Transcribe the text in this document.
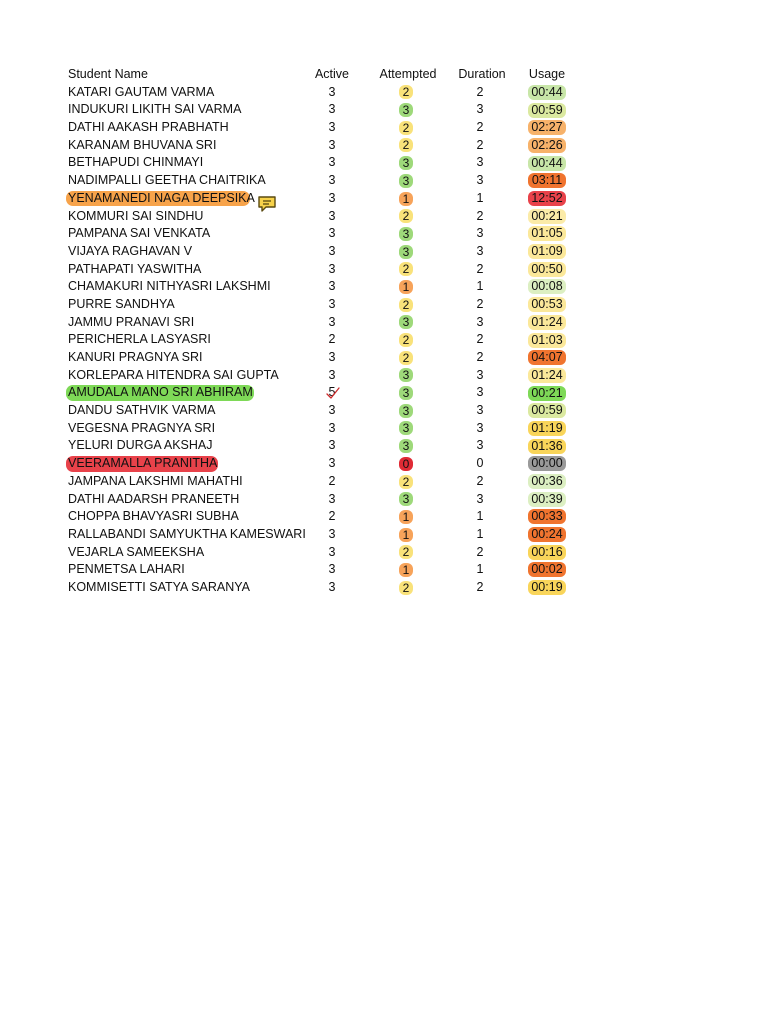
Student Name	Active	Attempted	Duration	Usage
KATARI GAUTAM VARMA	3	2	2	00:44
INDUKURI LIKITH SAI VARMA	3	3	3	00:59
DATHI AAKASH PRABHATH	3	2	2	02:27
KARANAM BHUVANA SRI	3	2	2	02:26
BETHAPUDI CHINMAYI	3	3	3	00:44
NADIMPALLI GEETHA CHAITRIKA	3	3	3	03:11
YENAMANEDI NAGA DEEPSIKA	3	1	1	12:52
KOMMURI SAI SINDHU	3	2	2	00:21
PAMPANA SAI VENKATA	3	3	3	01:05
VIJAYA RAGHAVAN V	3	3	3	01:09
PATHAPATI YASWITHA	3	2	2	00:50
CHAMAKURI NITHYASRI LAKSHMI	3	1	1	00:08
PURRE SANDHYA	3	2	2	00:53
JAMMU PRANAVI SRI	3	3	3	01:24
PERICHERLA LASYASRI	2	2	2	01:03
KANURI PRAGNYA SRI	3	2	2	04:07
KORLEPARA HITENDRA SAI GUPTA	3	3	3	01:24
AMUDALA MANO SRI ABHIRAM	5	3	3	00:21
DANDU SATHVIK VARMA	3	3	3	00:59
VEGESNA PRAGNYA SRI	3	3	3	01:19
YELURI DURGA AKSHAJ	3	3	3	01:36
VEERAMALLA PRANITHA	3	0	0	00:00
JAMPANA LAKSHMI MAHATHI	2	2	2	00:36
DATHI AADARSH PRANEETH	3	3	3	00:39
CHOPPA BHAVYASRI SUBHA	2	1	1	00:33
RALLABANDI SAMYUKTHA KAMESWARI	3	1	1	00:24
VEJARLA SAMEEKSHA	3	2	2	00:16
PENMETSA LAHARI	3	1	1	00:02
KOMMISETTI SATYA SARANYA	3	2	2	00:19
